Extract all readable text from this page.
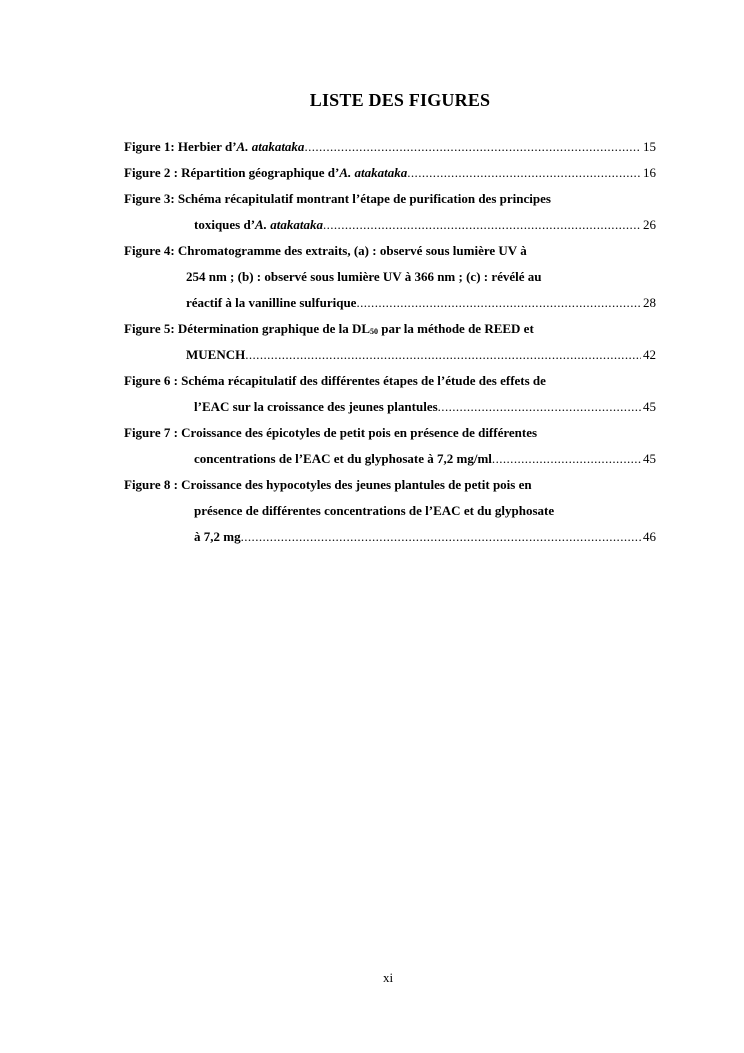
LISTE DES FIGURES
Figure 1: Herbier d’A. atakataka .....	15
Figure 2 : Répartition géographique d’A. atakataka .....	16
Figure 3: Schéma récapitulatif montrant l’étape de purification des principes
toxiques d’A. atakataka .....	26
Figure 4: Chromatogramme des extraits, (a) : observé sous lumière UV à
254 nm ; (b) : observé sous lumière UV à 366 nm ; (c) : révélé au
réactif à la vanilline sulfurique .....	28
Figure 5: Détermination graphique de la $DL_{50}$ par la méthode de REED et
MUENCH .....	42
Figure 6 : Schéma récapitulatif des différentes étapes de l’étude des effets de
l’EAC sur la croissance des jeunes plantules .....	45
Figure 7 : Croissance des épicotyles de petit pois en présence de différentes
concentrations de l’EAC et du glyphosate à 7,2 mg/ml .....	45
Figure 8 : Croissance des hypocotyles des jeunes plantules de petit pois en
présence de différentes concentrations de l’EAC et du glyphosate
à 7,2 mg .....	46
xi
